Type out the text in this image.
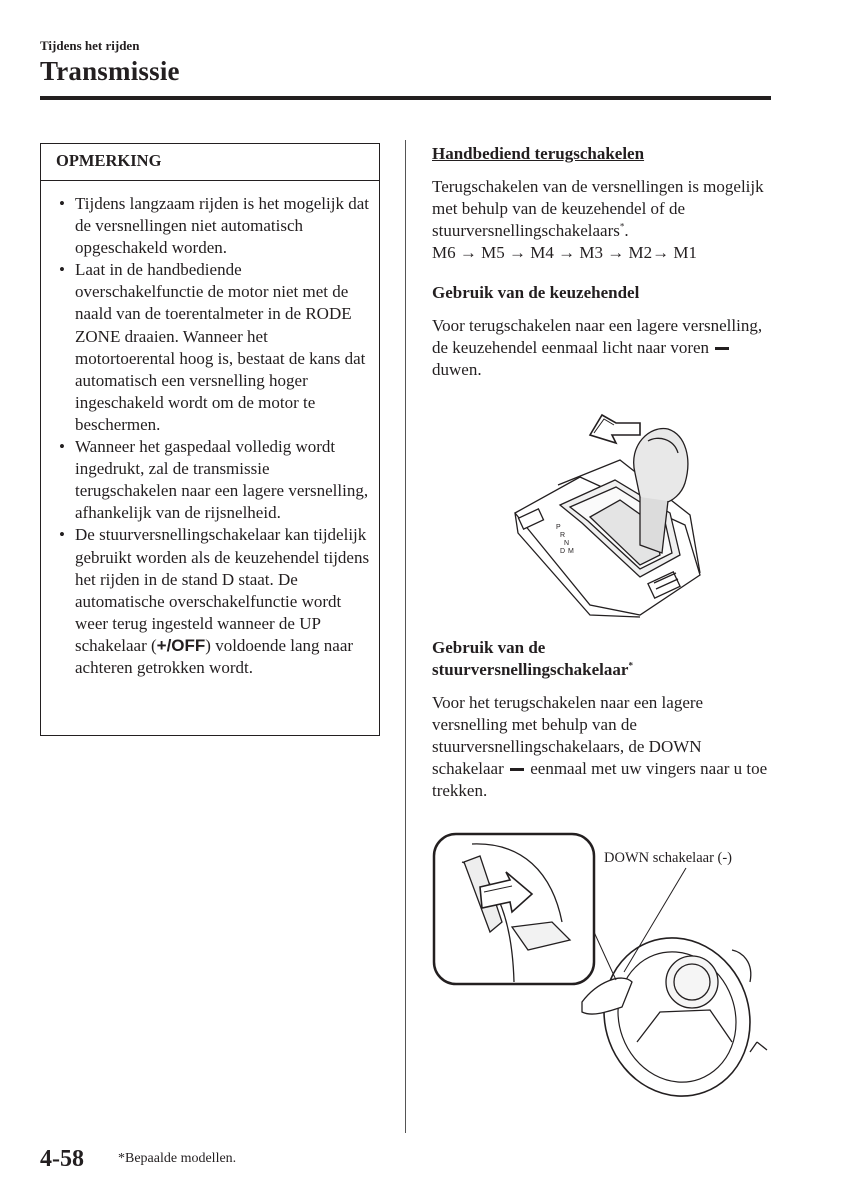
Tijdens het rijden
Transmissie
OPMERKING
• Tijdens langzaam rijden is het mogelijk dat de versnellingen niet automatisch opgeschakeld worden.
• Laat in de handbediende overschakelfunctie de motor niet met de naald van de toerentalmeter in de RODE ZONE draaien. Wanneer het motortoerental hoog is, bestaat de kans dat automatisch een versnelling hoger ingeschakeld wordt om de motor te beschermen.
• Wanneer het gaspedaal volledig wordt ingedrukt, zal de transmissie terugschakelen naar een lagere versnelling, afhankelijk van de rijsnelheid.
• De stuurversnellingschakelaar kan tijdelijk gebruikt worden als de keuzehendel tijdens het rijden in de stand D staat. De automatische overschakelfunctie wordt weer terug ingesteld wanneer de UP schakelaar (+/OFF) voldoende lang naar achteren getrokken wordt.
Handbediend terugschakelen
Terugschakelen van de versnellingen is mogelijk met behulp van de keuzehendel of de stuurversnellingschakelaars*.
M6 → M5 → M4 → M3 → M2→ M1
Gebruik van de keuzehendel
Voor terugschakelen naar een lagere versnelling, de keuzehendel eenmaal licht naar voren  duwen.
P
R
N
D M
Gebruik van de
stuurversnellingschakelaar*
Voor het terugschakelen naar een lagere versnelling met behulp van de stuurversnellingschakelaars, de DOWN schakelaar eenmaal met uw vingers naar u toe trekken.
DOWN schakelaar (-)
4-58 *Bepaalde modellen.
